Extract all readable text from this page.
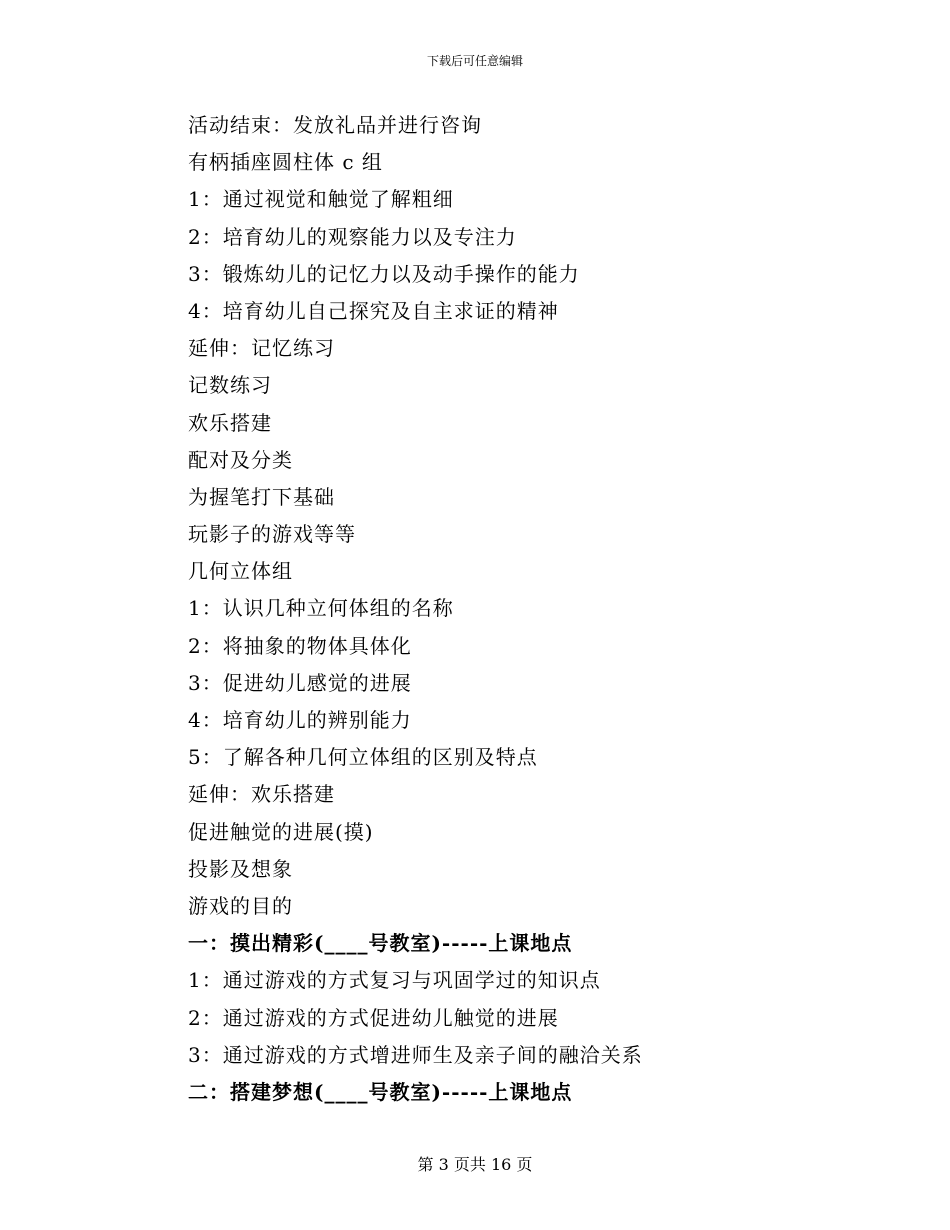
下载后可任意编辑
活动结束：发放礼品并进行咨询
有柄插座圆柱体 c 组
1：通过视觉和触觉了解粗细
2：培育幼儿的观察能力以及专注力
3：锻炼幼儿的记忆力以及动手操作的能力
4：培育幼儿自己探究及自主求证的精神
延伸：记忆练习
记数练习
欢乐搭建
配对及分类
为握笔打下基础
玩影子的游戏等等
几何立体组
1：认识几种立何体组的名称
2：将抽象的物体具体化
3：促进幼儿感觉的进展
4：培育幼儿的辨别能力
5：了解各种几何立体组的区别及特点
延伸：欢乐搭建
促进触觉的进展(摸)
投影及想象
游戏的目的
一：摸出精彩(____号教室)-----上课地点
1：通过游戏的方式复习与巩固学过的知识点
2：通过游戏的方式促进幼儿触觉的进展
3：通过游戏的方式增进师生及亲子间的融洽关系
二：搭建梦想(____号教室)-----上课地点
第 3 页共 16 页
